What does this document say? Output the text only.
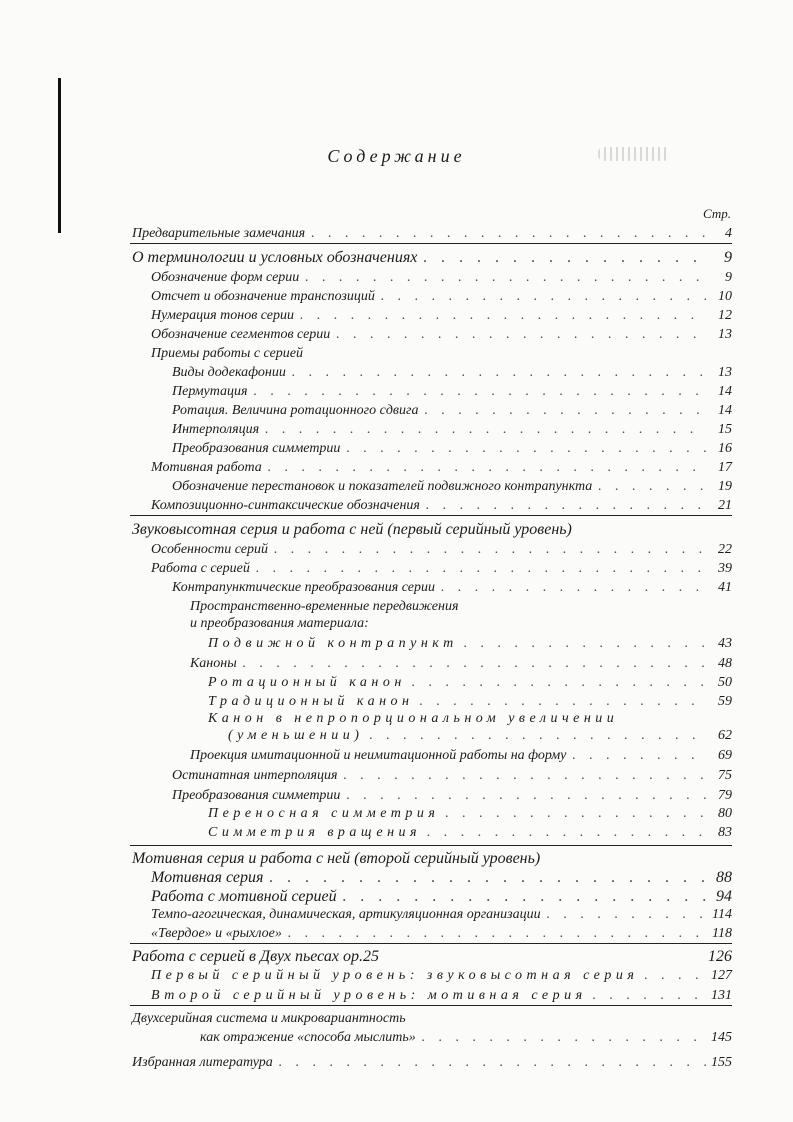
Содержание
Стр.
Предварительные замечания . . .	4
О терминологии и условных обозначениях . . .	9
Обозначение форм серии . . .	9
Отсчет и обозначение транспозиций . . .	10
Нумерация тонов серии . . .	12
Обозначение сегментов серии . . .	13
Приемы работы с серией
Виды додекафонии . . .	13
Пермутация . . .	14
Ротация. Величина ротационного сдвига . . .	14
Интерполяция . . .	15
Преобразования симметрии . . .	16
Мотивная работа . . .	17
Обозначение перестановок и показателей подвижного контрапункта . . .	19
Композиционно-синтаксические обозначения . . .	21
Звуковысотная серия и работа с ней (первый серийный уровень)
Особенности серий . . .	22
Работа с серией . . .	39
Контрапунктические преобразования серии . . .	41
Пространственно-временные передвижения
и преобразования материала:
Подвижной контрапункт . . .	43
Каноны . . .	48
Ротационный канон . . .	50
Традиционный канон . . .	59
Канон в непропорциональном увеличении
(уменьшении) . . .	62
Проекция имитационной и неимитационной работы на форму . . .	69
Остинатная интерполяция . . .	75
Преобразования симметрии . . .	79
Переносная симметрия . . .	80
Симметрия вращения . . .	83
Мотивная серия и работа с ней (второй серийный уровень)
Мотивная серия . . .	88
Работа с мотивной серией . . .	94
Темпо-агогическая, динамическая, артикуляционная организации . . .	114
«Твердое» и «рыхлое» . . .	118
Работа с серией в Двух пьесах ор.25	126
Первый серийный уровень: звуковысотная серия . . .	127
Второй серийный уровень: мотивная серия . . .	131
Двухсерийная система и микровариантность
как отражение «способа мыслить» . . .	145
Избранная литература . . .	155
